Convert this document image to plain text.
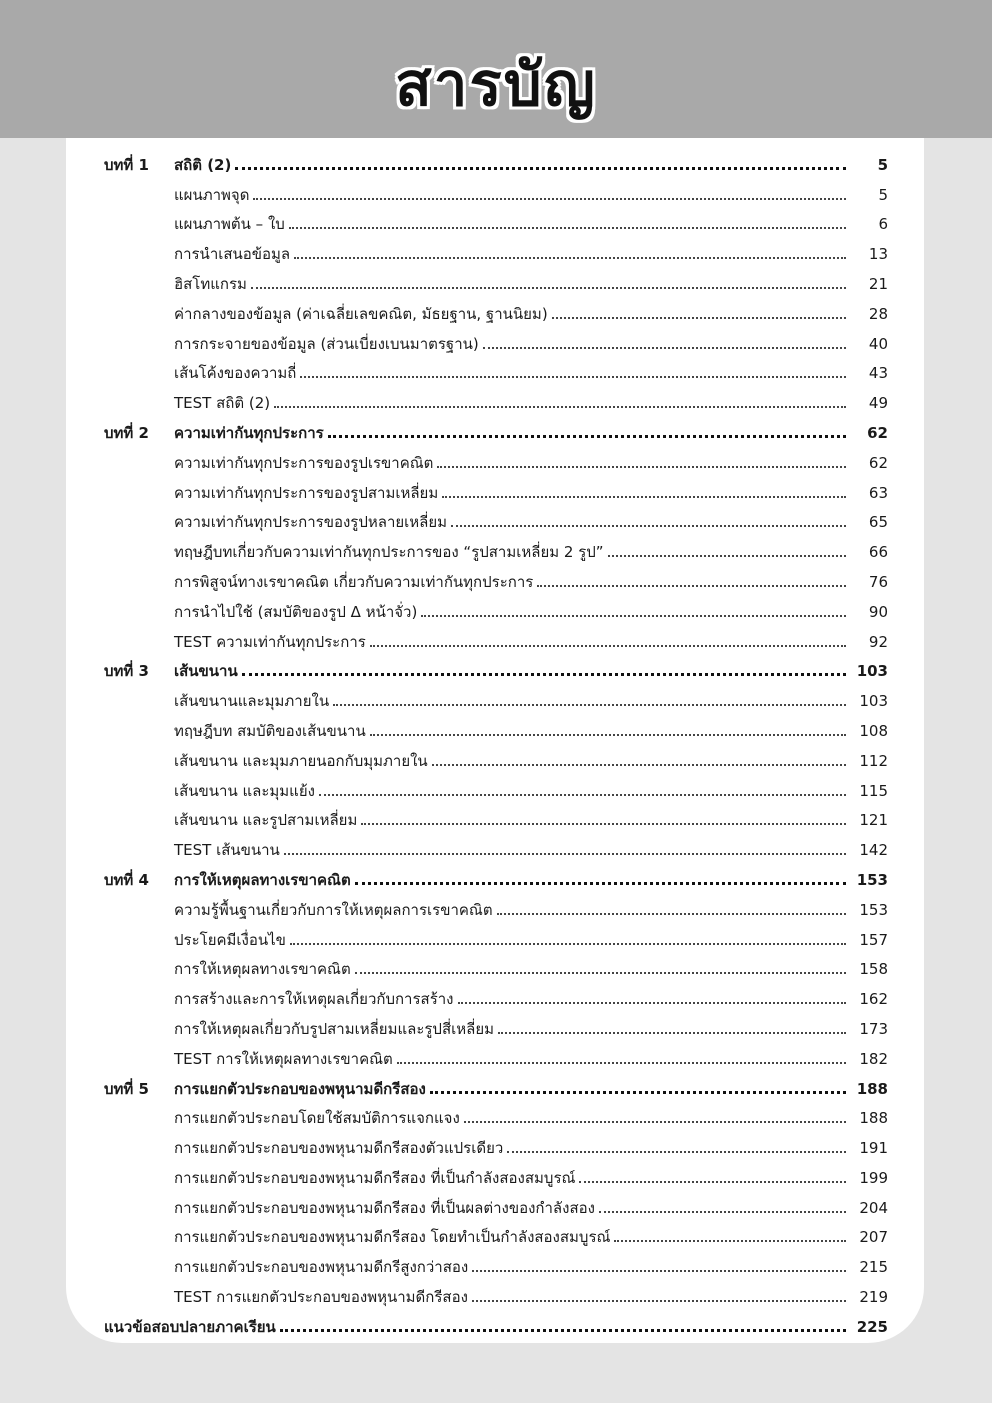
สารบัญ
บทที่ 1	สถิติ (2)	5
แผนภาพจุด	5
แผนภาพต้น – ใบ	6
การนำเสนอข้อมูล	13
ฮิสโทแกรม	21
ค่ากลางของข้อมูล (ค่าเฉลี่ยเลขคณิต, มัธยฐาน, ฐานนิยม)	28
การกระจายของข้อมูล (ส่วนเบี่ยงเบนมาตรฐาน)	40
เส้นโค้งของความถี่	43
TEST สถิติ (2)	49
บทที่ 2	ความเท่ากันทุกประการ	62
ความเท่ากันทุกประการของรูปเรขาคณิต	62
ความเท่ากันทุกประการของรูปสามเหลี่ยม	63
ความเท่ากันทุกประการของรูปหลายเหลี่ยม	65
ทฤษฎีบทเกี่ยวกับความเท่ากันทุกประการของ “รูปสามเหลี่ยม 2 รูป”	66
การพิสูจน์ทางเรขาคณิต เกี่ยวกับความเท่ากันทุกประการ	76
การนำไปใช้ (สมบัติของรูป Δ หน้าจั่ว)	90
TEST ความเท่ากันทุกประการ	92
บทที่ 3	เส้นขนาน	103
เส้นขนานและมุมภายใน	103
ทฤษฎีบท สมบัติของเส้นขนาน	108
เส้นขนาน และมุมภายนอกกับมุมภายใน	112
เส้นขนาน และมุมแย้ง	115
เส้นขนาน และรูปสามเหลี่ยม	121
TEST เส้นขนาน	142
บทที่ 4	การให้เหตุผลทางเรขาคณิต	153
ความรู้พื้นฐานเกี่ยวกับการให้เหตุผลการเรขาคณิต	153
ประโยคมีเงื่อนไข	157
การให้เหตุผลทางเรขาคณิต	158
การสร้างและการให้เหตุผลเกี่ยวกับการสร้าง	162
การให้เหตุผลเกี่ยวกับรูปสามเหลี่ยมและรูปสี่เหลี่ยม	173
TEST การให้เหตุผลทางเรขาคณิต	182
บทที่ 5	การแยกตัวประกอบของพหุนามดีกรีสอง	188
การแยกตัวประกอบโดยใช้สมบัติการแจกแจง	188
การแยกตัวประกอบของพหุนามดีกรีสองตัวแปรเดียว	191
การแยกตัวประกอบของพหุนามดีกรีสอง ที่เป็นกำลังสองสมบูรณ์	199
การแยกตัวประกอบของพหุนามดีกรีสอง ที่เป็นผลต่างของกำลังสอง	204
การแยกตัวประกอบของพหุนามดีกรีสอง โดยทำเป็นกำลังสองสมบูรณ์	207
การแยกตัวประกอบของพหุนามดีกรีสูงกว่าสอง	215
TEST การแยกตัวประกอบของพหุนามดีกรีสอง	219
แนวข้อสอบปลายภาคเรียน	225
